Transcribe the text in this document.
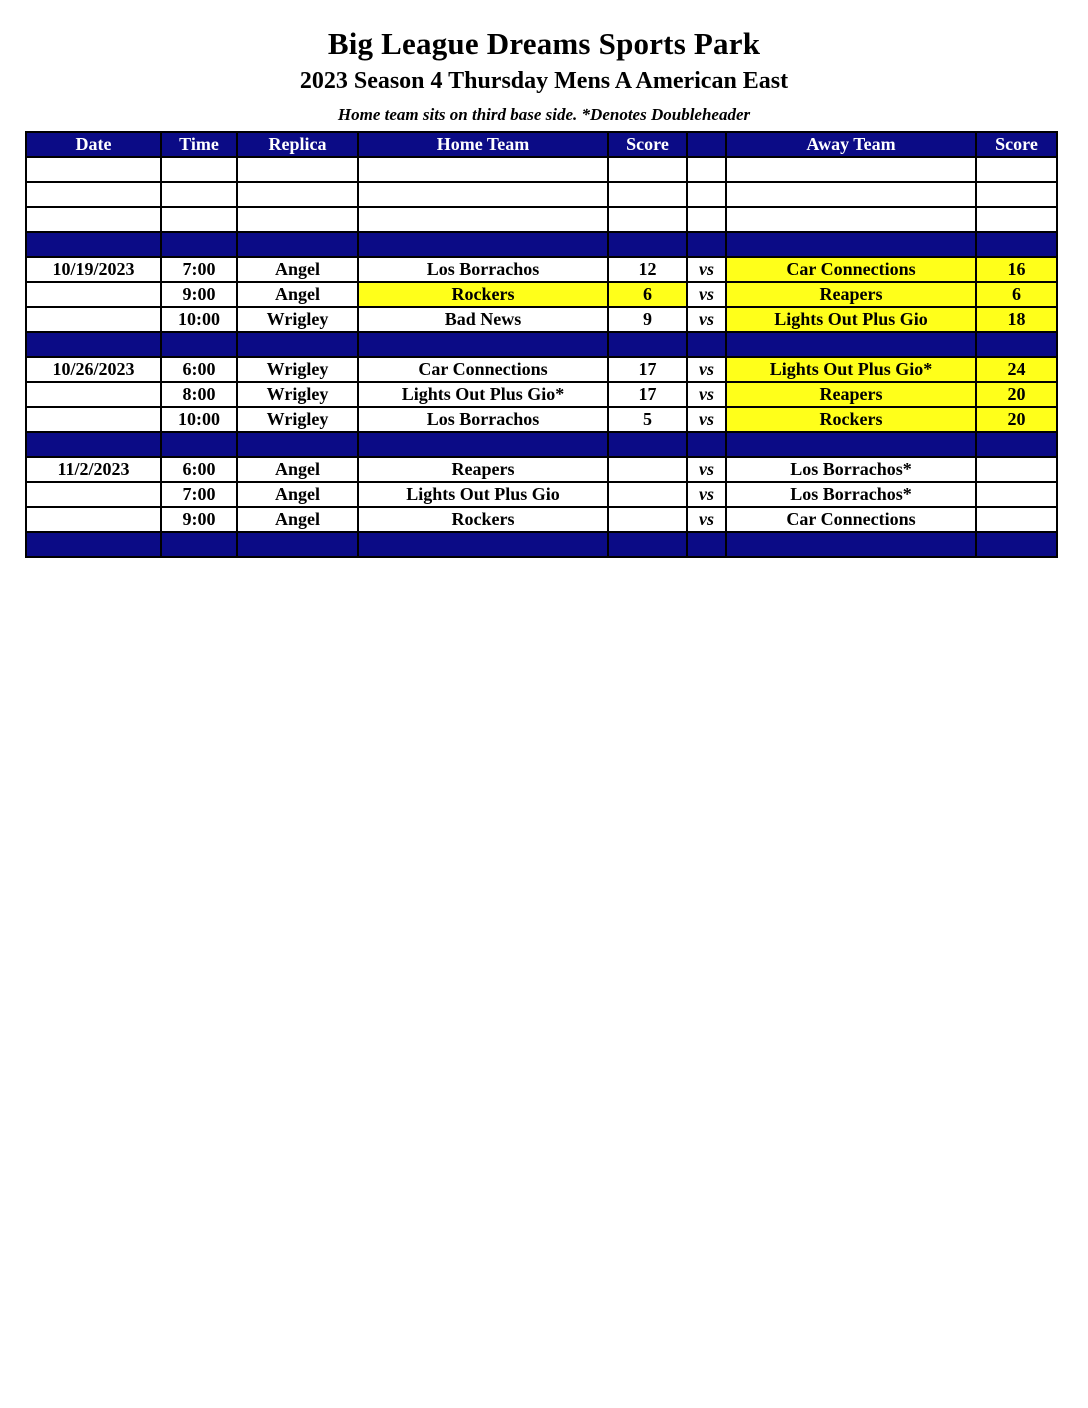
Big League Dreams Sports Park
2023 Season 4 Thursday Mens A American East
Home team sits on third base side. *Denotes Doubleheader
Date	Time	Replica	Home Team	Score		Away Team	Score

10/19/2023	7:00	Angel	Los Borrachos	12	vs	Car Connections	16
	9:00	Angel	Rockers	6	vs	Reapers	6
	10:00	Wrigley	Bad News	9	vs	Lights Out Plus Gio	18

10/26/2023	6:00	Wrigley	Car Connections	17	vs	Lights Out Plus Gio*	24
	8:00	Wrigley	Lights Out Plus Gio*	17	vs	Reapers	20
	10:00	Wrigley	Los Borrachos	5	vs	Rockers	20

11/2/2023	6:00	Angel	Reapers		vs	Los Borrachos*	
	7:00	Angel	Lights Out Plus Gio		vs	Los Borrachos*	
	9:00	Angel	Rockers		vs	Car Connections	
